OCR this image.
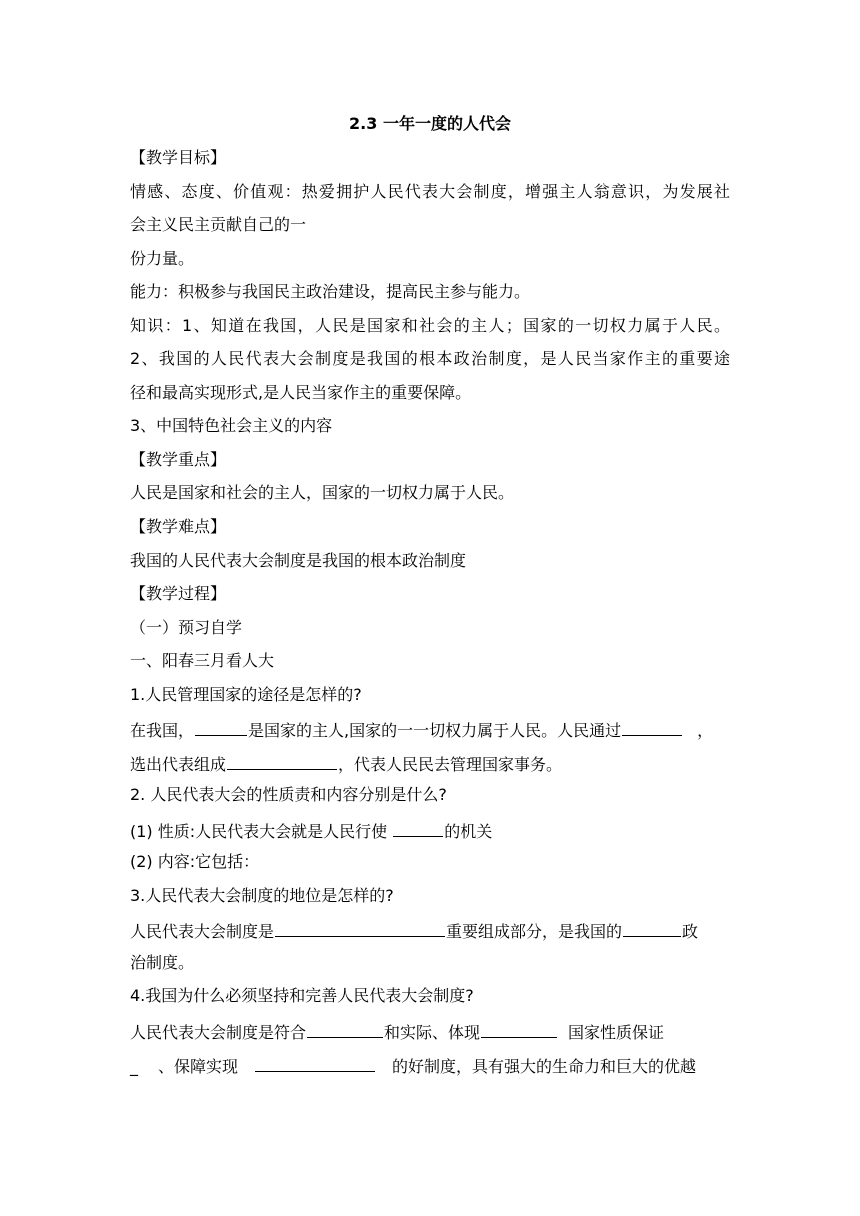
2.3 一年一度的人代会
【教学目标】
情感、态度、价值观：热爱拥护人民代表大会制度，增强主人翁意识，为发展社
会主义民主贡献自己的一
份力量。
能力：积极参与我国民主政治建设，提高民主参与能力。
知识：1、知道在我国，人民是国家和社会的主人；国家的一切权力属于人民。
2、我国的人民代表大会制度是我国的根本政治制度，是人民当家作主的重要途
径和最高实现形式,是人民当家作主的重要保障。
3、中国特色社会主义的内容
【教学重点】
人民是国家和社会的主人，国家的一切权力属于人民。
【教学难点】
我国的人民代表大会制度是我国的根本政治制度
【教学过程】
（一）预习自学
一、阳春三月看人大
1.人民管理国家的途径是怎样的?
在我国，	是国家的主人,国家的一一切权力属于人民。人民通过	，
选出代表组成	，代表人民民去管理国家事务。
2. 人民代表大会的性质责和内容分别是什么?
(1) 性质:人民代表大会就是人民行使	的机关
(2) 内容:它包括：
3.人民代表大会制度的地位是怎样的?
人民代表大会制度是	重要组成部分，是我国的	政
治制度。
4.我国为什么必须坚持和完善人民代表大会制度?
人民代表大会制度是符合	和实际、体现	国家性质保证
_ 、保障实现	的好制度，具有强大的生命力和巨大的优越
